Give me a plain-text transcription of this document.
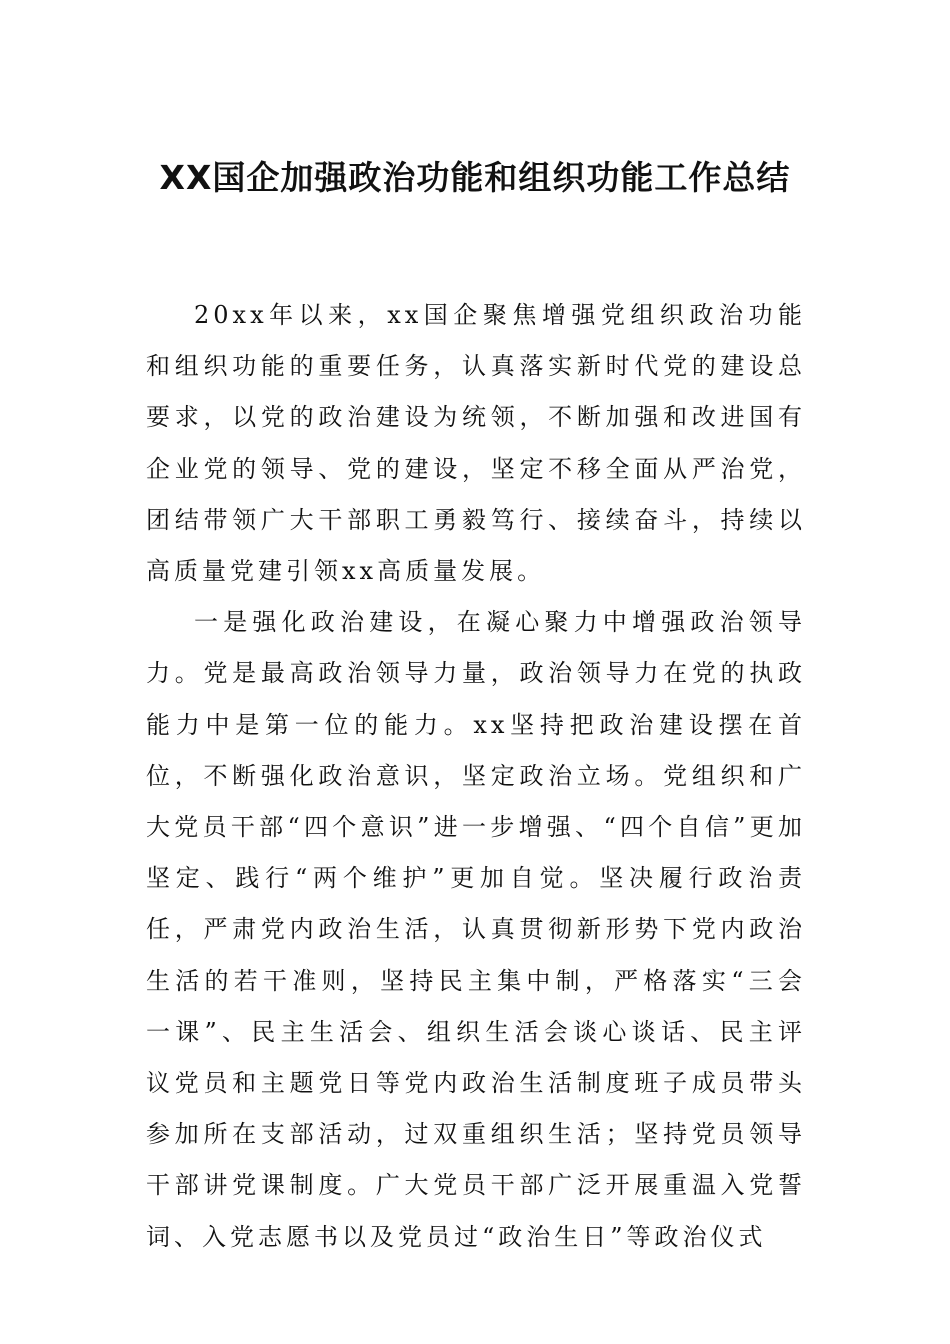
XX国企加强政治功能和组织功能工作总结

20xx年以来，xx国企聚焦增强党组织政治功能和组织功能的重要任务，认真落实新时代党的建设总要求，以党的政治建设为统领，不断加强和改进国有企业党的领导、党的建设，坚定不移全面从严治党，团结带领广大干部职工勇毅笃行、接续奋斗，持续以高质量党建引领xx高质量发展。

一是强化政治建设，在凝心聚力中增强政治领导力。党是最高政治领导力量，政治领导力在党的执政能力中是第一位的能力。xx坚持把政治建设摆在首位，不断强化政治意识，坚定政治立场。党组织和广大党员干部“四个意识”进一步增强、“四个自信”更加坚定、践行“两个维护”更加自觉。坚决履行政治责任，严肃党内政治生活，认真贯彻新形势下党内政治生活的若干准则，坚持民主集中制，严格落实“三会一课”、民主生活会、组织生活会谈心谈话、民主评议党员和主题党日等党内政治生活制度班子成员带头参加所在支部活动，过双重组织生活；坚持党员领导干部讲党课制度。广大党员干部广泛开展重温入党誓词、入党志愿书以及党员过“政治生日”等政治仪式
